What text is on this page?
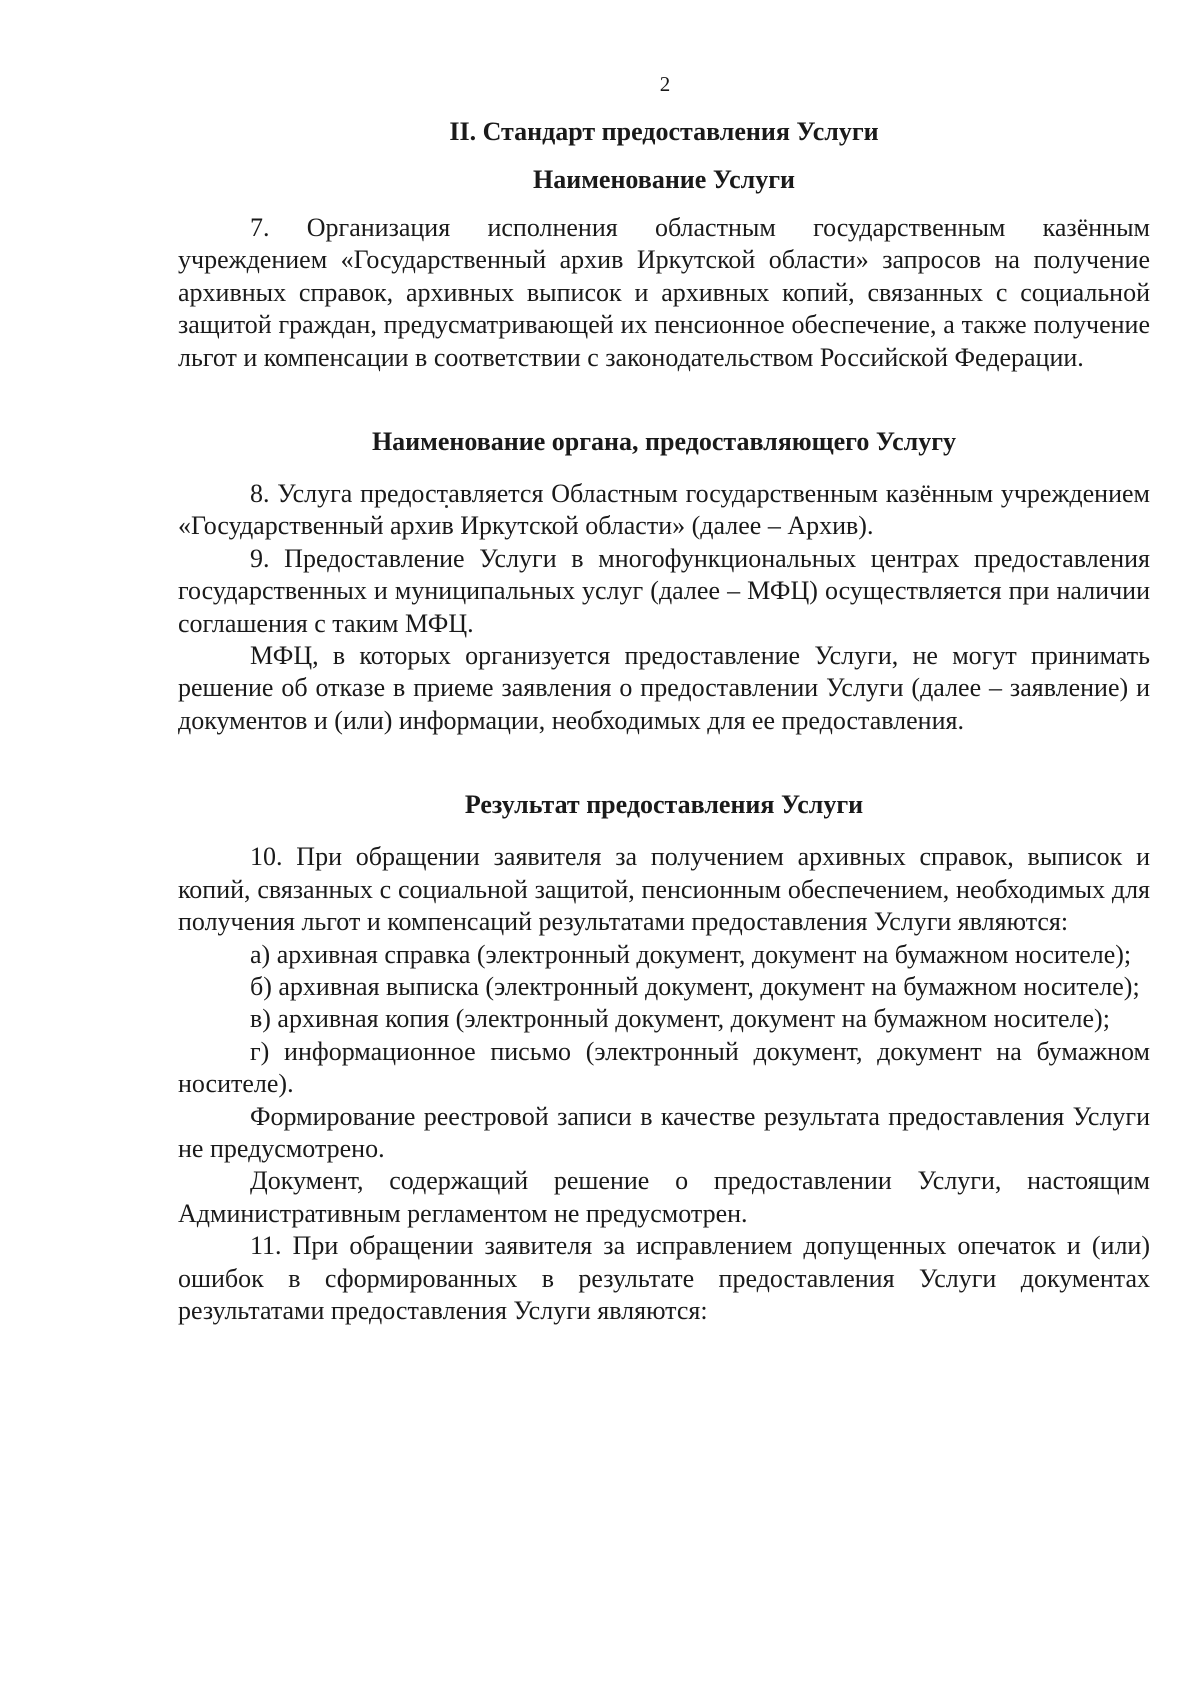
2
II. Стандарт предоставления Услуги
Наименование Услуги

7. Организация исполнения областным государственным казённым учреждением «Государственный архив Иркутской области» запросов на получение архивных справок, архивных выписок и архивных копий, связанных с социальной защитой граждан, предусматривающей их пенсионное обеспечение, а также получение льгот и компенсации в соответствии с законодательством Российской Федерации.

Наименование органа, предоставляющего Услугу

8. Услуга предоставляется Областным государственным казённым учреждением «Государственный архив Иркутской области» (далее – Архив).

9. Предоставление Услуги в многофункциональных центрах предоставления государственных и муниципальных услуг (далее – МФЦ) осуществляется при наличии соглашения с таким МФЦ.

МФЦ, в которых организуется предоставление Услуги, не могут принимать решение об отказе в приеме заявления о предоставлении Услуги (далее – заявление) и документов и (или) информации, необходимых для ее предоставления.

Результат предоставления Услуги

10. При обращении заявителя за получением архивных справок, выписок и копий, связанных с социальной защитой, пенсионным обеспечением, необходимых для получения льгот и компенсаций результатами предоставления Услуги являются:

а) архивная справка (электронный документ, документ на бумажном носителе);

б) архивная выписка (электронный документ, документ на бумажном носителе);

в) архивная копия (электронный документ, документ на бумажном носителе);

г) информационное письмо (электронный документ, документ на бумажном носителе).

Формирование реестровой записи в качестве результата предоставления Услуги не предусмотрено.

Документ, содержащий решение о предоставлении Услуги, настоящим Административным регламентом не предусмотрен.

11. При обращении заявителя за исправлением допущенных опечаток и (или) ошибок в сформированных в результате предоставления Услуги документах результатами предоставления Услуги являются:
